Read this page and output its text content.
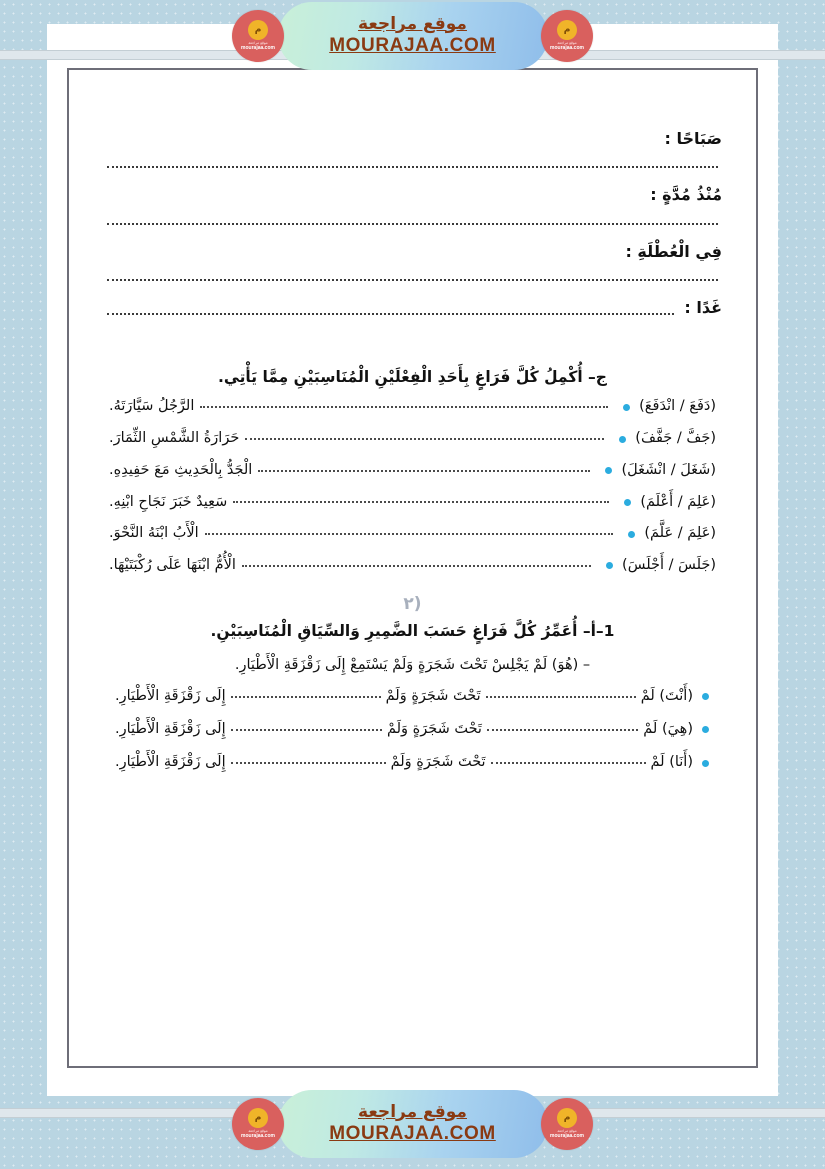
م
موقع مراجعة
mourajaa.com
موقع مراجعة
MOURAJAA.COM
م
موقع مراجعة
mourajaa.com
صَبَاحًا :
مُنْذُ مُدَّةٍ :
فِي الْعُطْلَةِ :
غَدًا :
ج– أُكْمِلُ كُلَّ فَرَاغٍ بِأَحَدِ الْفِعْلَيْنِ الْمُنَاسِبَيْنِ مِمَّا يَأْتِي.
(دَفَعَ / انْدَفَعَ)
الرَّجُلُ سَيَّارَتَهُ.
(جَفَّ / جَفَّفَ)
حَرَارَةُ الشَّمْسِ الثِّمَارَ.
(شَغَلَ / انْشَغَلَ)
الْجَدُّ بِالْحَدِيثِ مَعَ حَفِيدِهِ.
(عَلِمَ / أَعْلَمَ)
سَعِيدٌ خَبَرَ نَجَاحِ ابْنِهِ.
(عَلِمَ / عَلَّمَ)
الْأَبُ ابْنَهُ النَّحْوَ.
(جَلَسَ / أَجْلَسَ)
الْأُمُّ ابْنَهَا عَلَى رُكْبَتَيْهَا.
(٢
1–أ– أُعَمِّرُ كُلَّ فَرَاغٍ حَسَبَ الضَّمِيرِ وَالسِّيَاقِ الْمُنَاسِبَيْنِ.
– (هُوَ) لَمْ يَجْلِسْ تَحْتَ شَجَرَةٍ وَلَمْ يَسْتَمِعْ إِلَى زَقْزَقَةِ الْأَطْيَارِ.
(أَنْتَ) لَمْ
تَحْتَ شَجَرَةٍ وَلَمْ
إِلَى زَقْزَقَةِ الْأَطْيَارِ.
(هِيَ) لَمْ
تَحْتَ شَجَرَةٍ وَلَمْ
إِلَى زَقْزَقَةِ الْأَطْيَارِ.
(أَنَا) لَمْ
تَحْتَ شَجَرَةٍ وَلَمْ
إِلَى زَقْزَقَةِ الْأَطْيَارِ.
م
موقع مراجعة
mourajaa.com
موقع مراجعة
MOURAJAA.COM
م
موقع مراجعة
mourajaa.com
